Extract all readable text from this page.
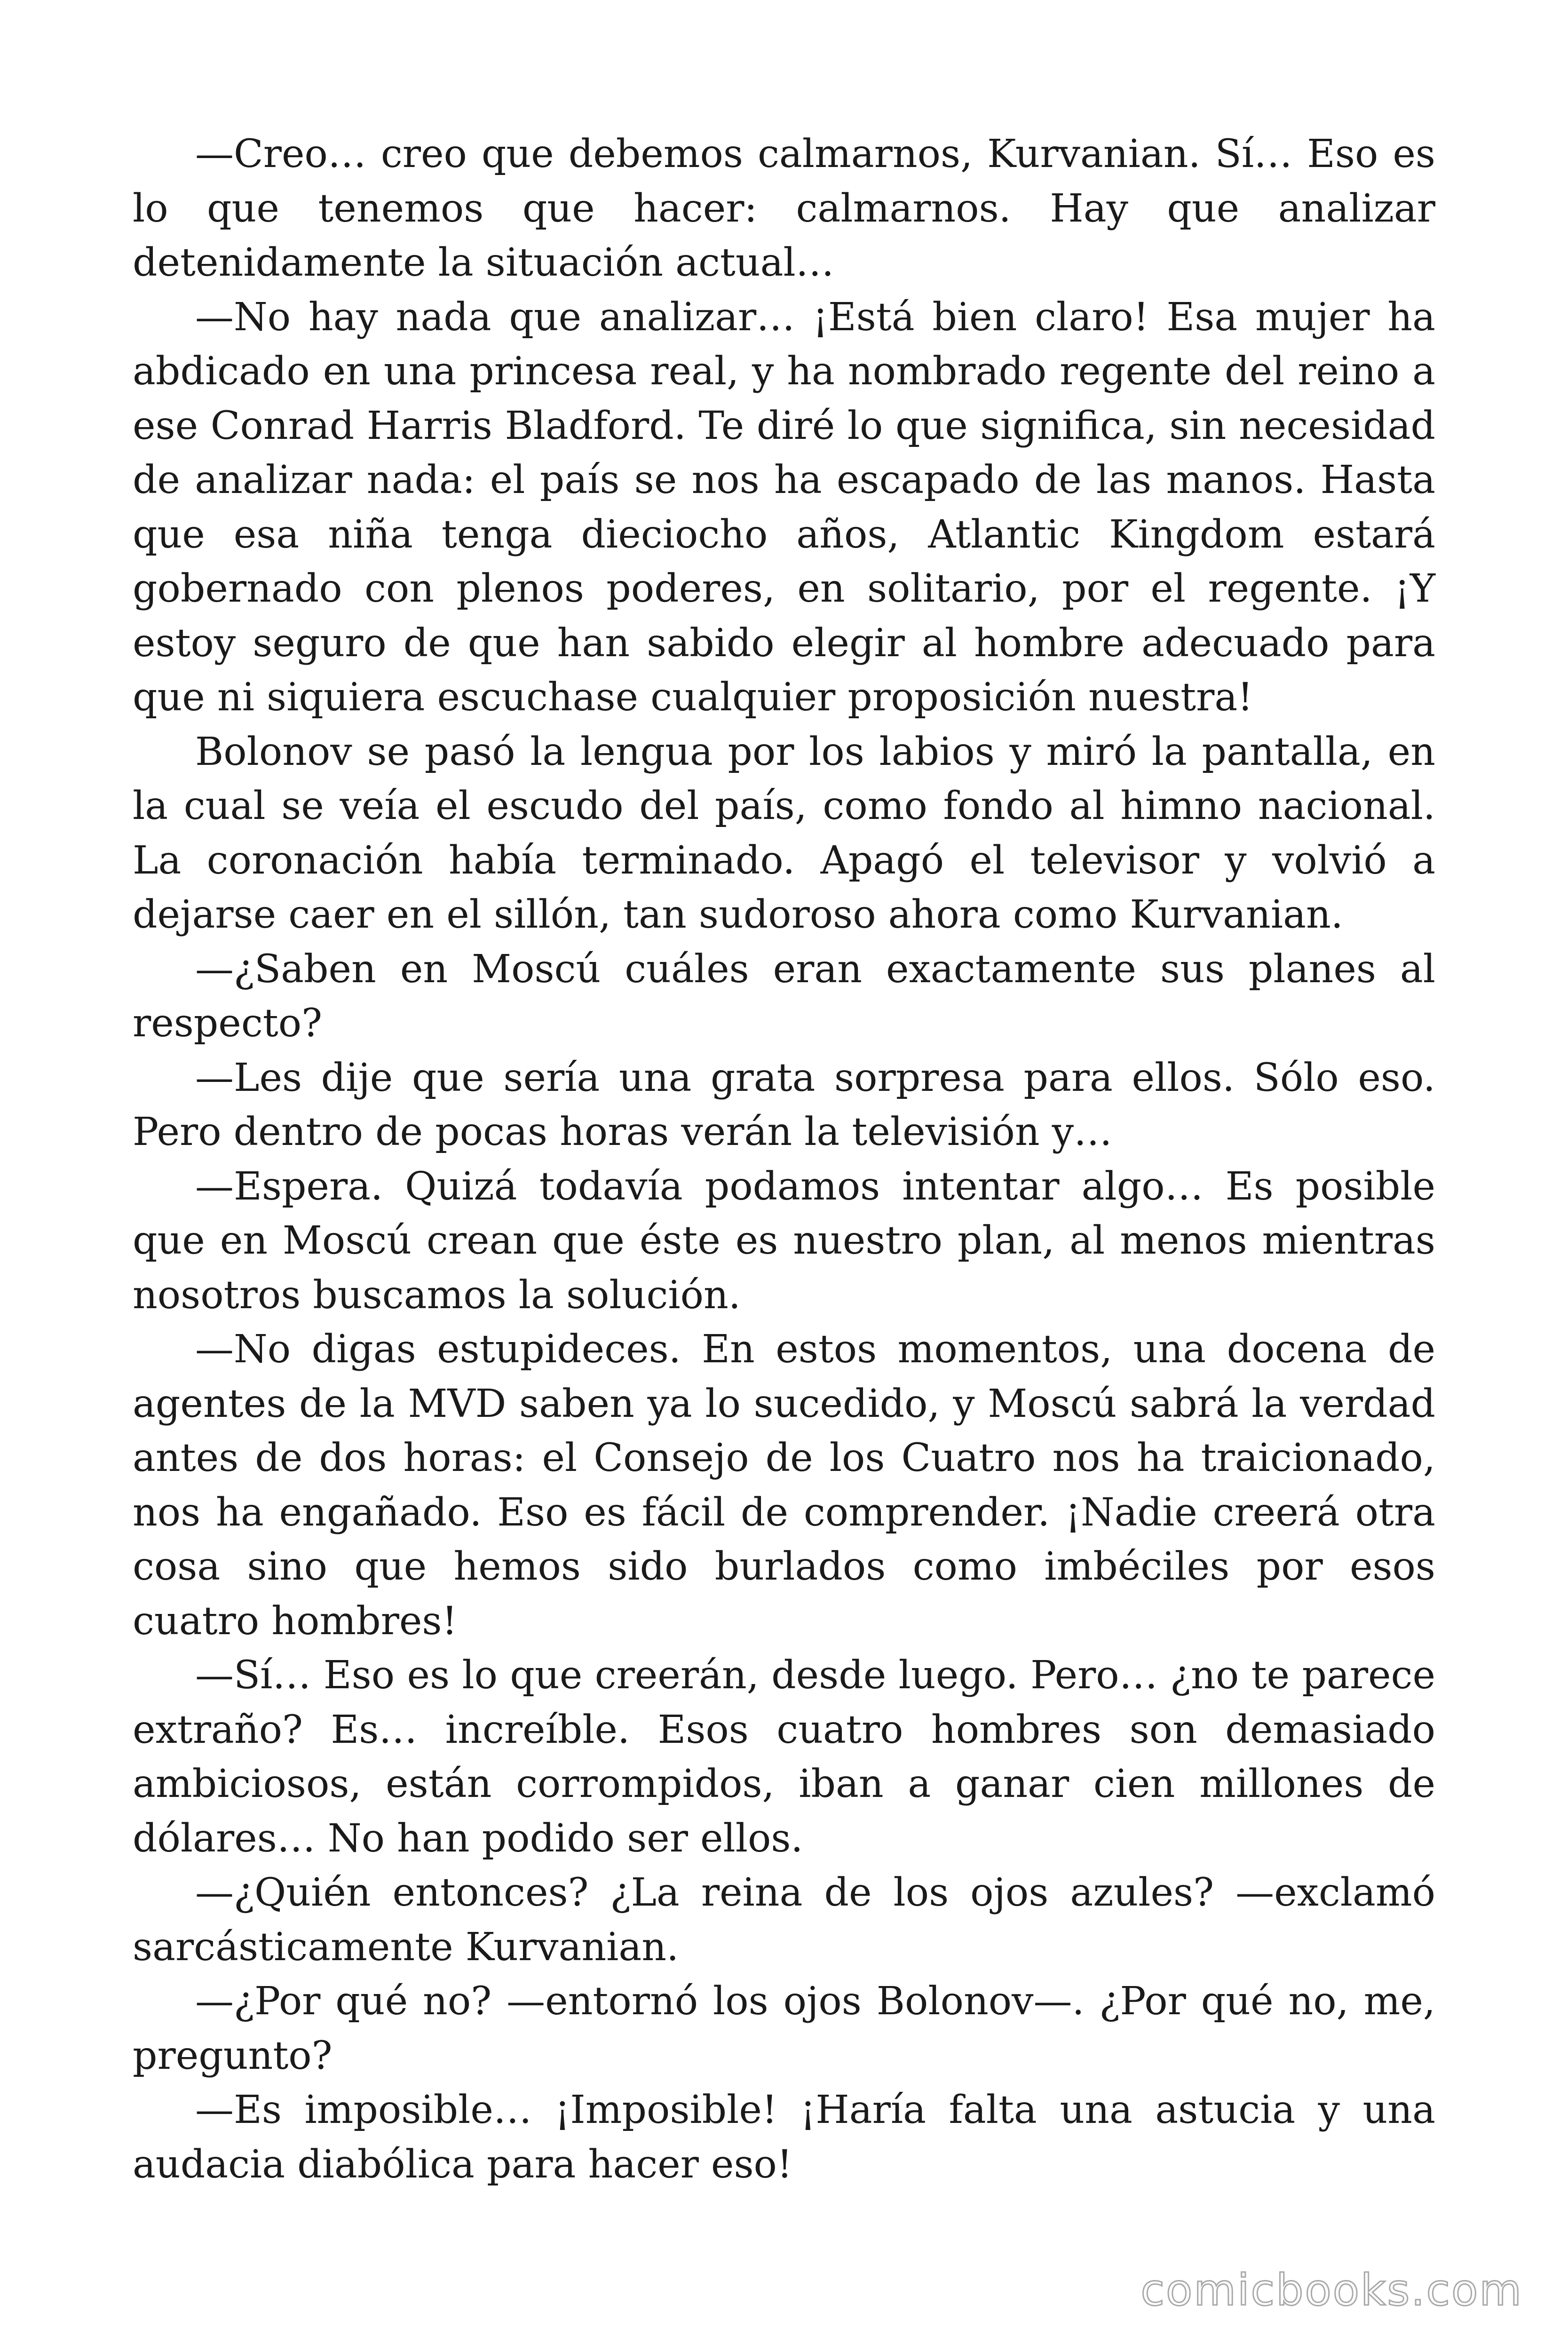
—Creo… creo que debemos calmarnos, Kurvanian. Sí… Eso es lo que tenemos que hacer: calmarnos. Hay que analizar detenidamente la situación actual…

—No hay nada que analizar… ¡Está bien claro! Esa mujer ha abdicado en una princesa real, y ha nombrado regente del reino a ese Conrad Harris Bladford. Te diré lo que significa, sin necesidad de analizar nada: el país se nos ha escapado de las manos. Hasta que esa niña tenga dieciocho años, Atlantic Kingdom estará gobernado con plenos poderes, en solitario, por el regente. ¡Y estoy seguro de que han sabido elegir al hombre adecuado para que ni siquiera escuchase cualquier proposición nuestra!

Bolonov se pasó la lengua por los labios y miró la pantalla, en la cual se veía el escudo del país, como fondo al himno nacional. La coronación había terminado. Apagó el televisor y volvió a dejarse caer en el sillón, tan sudoroso ahora como Kurvanian.

—¿Saben en Moscú cuáles eran exactamente sus planes al respecto?

—Les dije que sería una grata sorpresa para ellos. Sólo eso. Pero dentro de pocas horas verán la televisión y…

—Espera. Quizá todavía podamos intentar algo… Es posible que en Moscú crean que éste es nuestro plan, al menos mientras nosotros buscamos la solución.

—No digas estupideces. En estos momentos, una docena de agentes de la MVD saben ya lo sucedido, y Moscú sabrá la verdad antes de dos horas: el Consejo de los Cuatro nos ha traicionado, nos ha engañado. Eso es fácil de comprender. ¡Nadie creerá otra cosa sino que hemos sido burlados como imbéciles por esos cuatro hombres!

—Sí… Eso es lo que creerán, desde luego. Pero… ¿no te parece extraño? Es… increíble. Esos cuatro hombres son demasiado ambiciosos, están corrompidos, iban a ganar cien millones de dólares… No han podido ser ellos.

—¿Quién entonces? ¿La reina de los ojos azules? —exclamó sarcásticamente Kurvanian.

—¿Por qué no? —entornó los ojos Bolonov—. ¿Por qué no, me, pregunto?

—Es imposible… ¡Imposible! ¡Haría falta una astucia y una audacia diabólica para hacer eso!

comicbooks.com
